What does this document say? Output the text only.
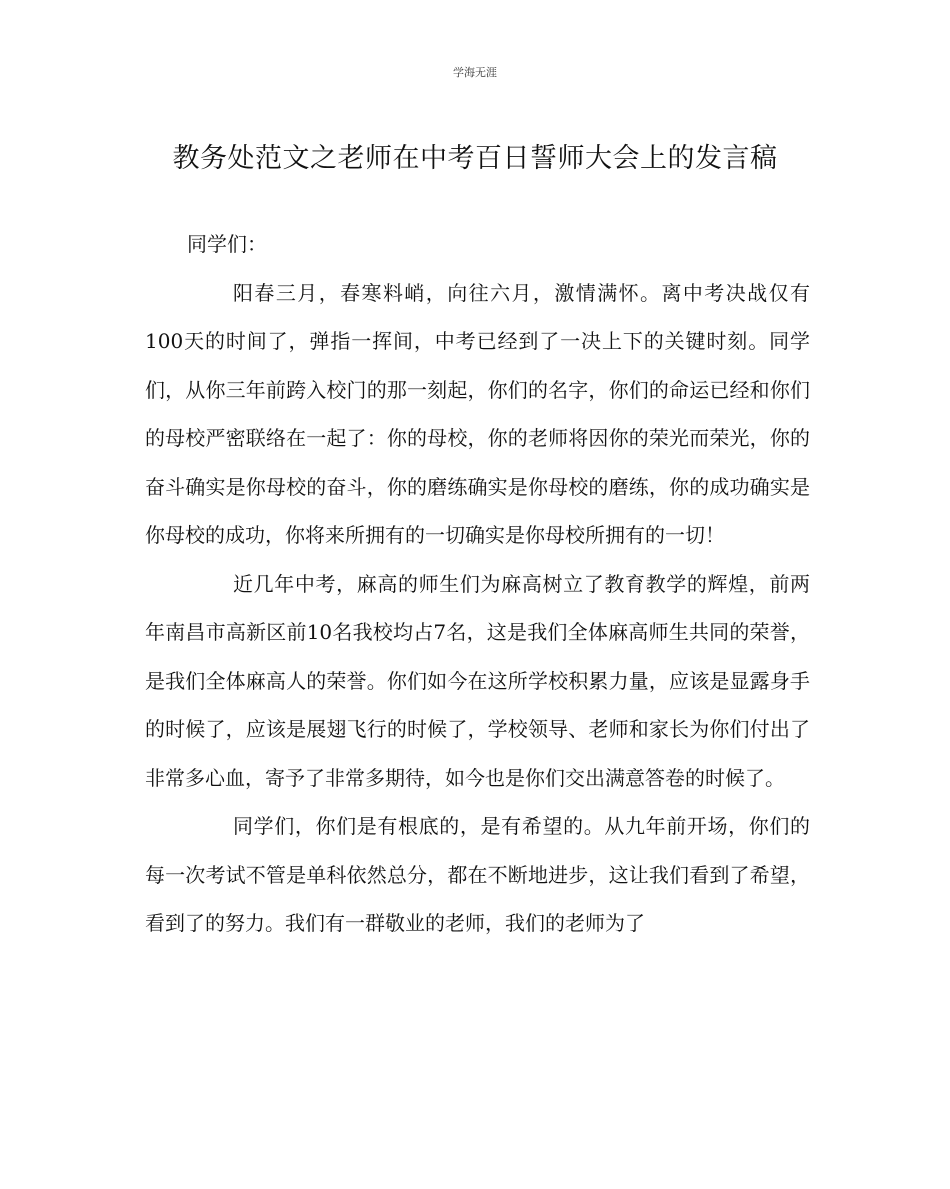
学海无涯
教务处范文之老师在中考百日誓师大会上的发言稿

同学们：

阳春三月，春寒料峭，向往六月，激情满怀。离中考决战仅有100天的时间了，弹指一挥间，中考已经到了一决上下的关键时刻。同学们，从你三年前跨入校门的那一刻起，你们的名字，你们的命运已经和你们的母校严密联络在一起了：你的母校，你的老师将因你的荣光而荣光，你的奋斗确实是你母校的奋斗，你的磨练确实是你母校的磨练，你的成功确实是你母校的成功，你将来所拥有的一切确实是你母校所拥有的一切！

近几年中考，麻高的师生们为麻高树立了教育教学的辉煌，前两年南昌市高新区前10名我校均占7名，这是我们全体麻高师生共同的荣誉，是我们全体麻高人的荣誉。你们如今在这所学校积累力量，应该是显露身手的时候了，应该是展翅飞行的时候了，学校领导、老师和家长为你们付出了非常多心血，寄予了非常多期待，如今也是你们交出满意答卷的时候了。

同学们，你们是有根底的，是有希望的。从九年前开场，你们的每一次考试不管是单科依然总分，都在不断地进步，这让我们看到了希望，看到了的努力。我们有一群敬业的老师，我们的老师为了
